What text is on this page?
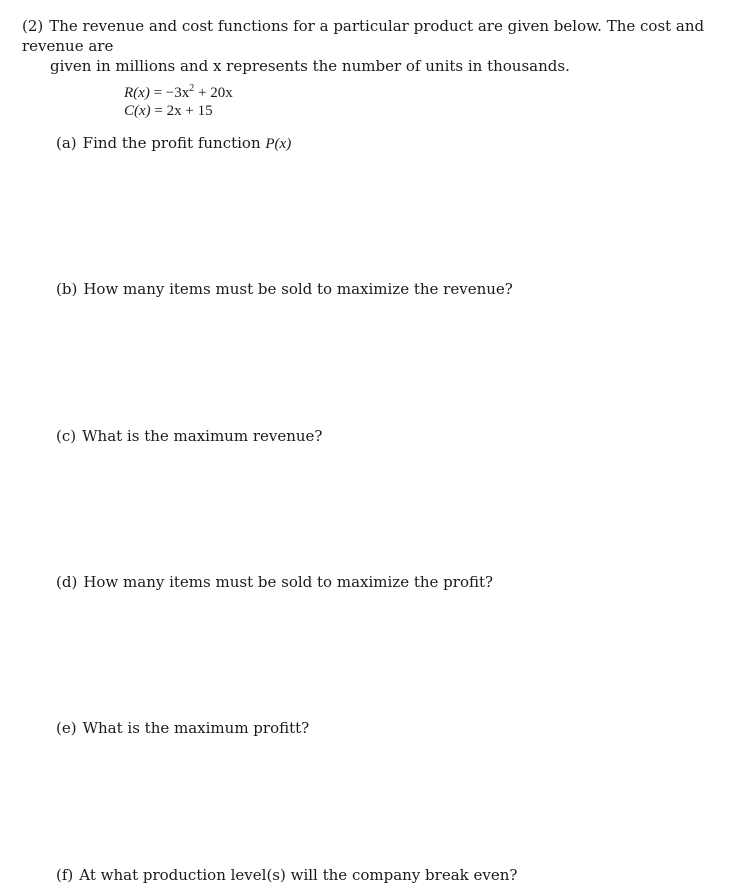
(2) The revenue and cost functions for a particular product are given below. The cost and revenue are
given in millions and x represents the number of units in thousands.
$R(x) = -3x^2 + 20x$
C(x) = 2x + 15
(a) Find the profit function P(x)
(b) How many items must be sold to maximize the revenue?
(c) What is the maximum revenue?
(d) How many items must be sold to maximize the profit?
(e) What is the maximum profitt?
(f) At what production level(s) will the company break even?
